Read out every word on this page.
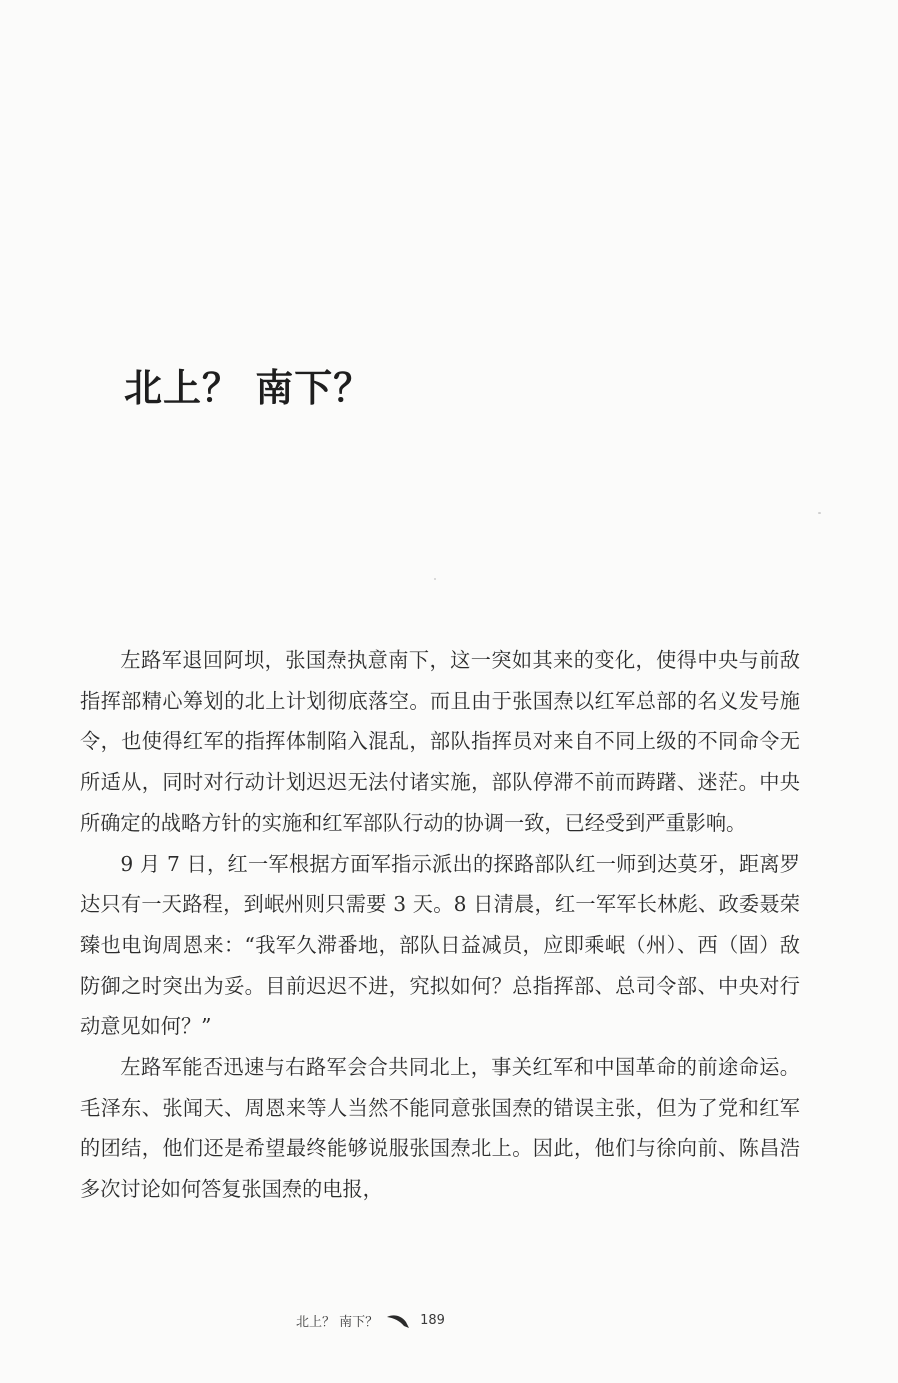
北上？ 南下？

左路军退回阿坝，张国焘执意南下，这一突如其来的变化，使得中央与前敌指挥部精心筹划的北上计划彻底落空。而且由于张国焘以红军总部的名义发号施令，也使得红军的指挥体制陷入混乱，部队指挥员对来自不同上级的不同命令无所适从，同时对行动计划迟迟无法付诸实施，部队停滞不前而踌躇、迷茫。中央所确定的战略方针的实施和红军部队行动的协调一致，已经受到严重影响。

9 月 7 日，红一军根据方面军指示派出的探路部队红一师到达莫牙，距离罗达只有一天路程，到岷州则只需要 3 天。8 日清晨，红一军军长林彪、政委聂荣臻也电询周恩来：“我军久滞番地，部队日益减员，应即乘岷（州）、西（固）敌防御之时突出为妥。目前迟迟不进，究拟如何？总指挥部、总司令部、中央对行动意见如何？”

左路军能否迅速与右路军会合共同北上，事关红军和中国革命的前途命运。毛泽东、张闻天、周恩来等人当然不能同意张国焘的错误主张，但为了党和红军的团结，他们还是希望最终能够说服张国焘北上。因此，他们与徐向前、陈昌浩多次讨论如何答复张国焘的电报，

北上？ 南下？	189
